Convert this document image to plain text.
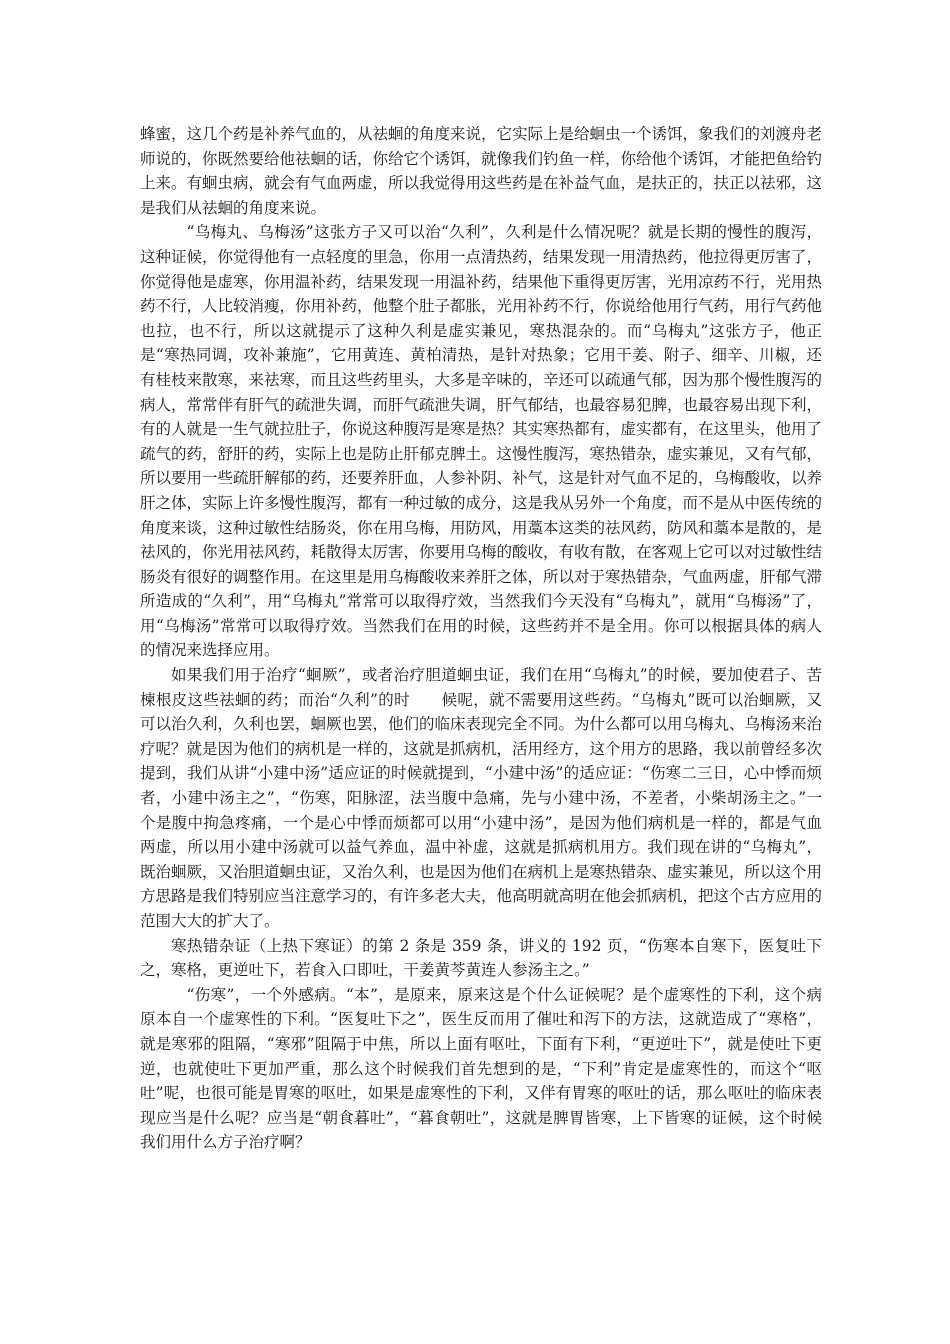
蜂蜜，这几个药是补养气血的，从祛蛔的角度来说，它实际上是给蛔虫一个诱饵，象我们的刘渡舟老师说的，你既然要给他祛蛔的话，你给它个诱饵，就像我们钓鱼一样，你给他个诱饵，才能把鱼给钓上来。有蛔虫病，就会有气血两虚，所以我觉得用这些药是在补益气血，是扶正的，扶正以祛邪，这是我们从祛蛔的角度来说。

“乌梅丸、乌梅汤”这张方子又可以治“久利”，久利是什么情况呢？就是长期的慢性的腹泻，这种证候，你觉得他有一点轻度的里急，你用一点清热药，结果发现一用清热药，他拉得更厉害了，你觉得他是虚寒，你用温补药，结果发现一用温补药，结果他下重得更厉害，光用凉药不行，光用热药不行，人比较消瘦，你用补药，他整个肚子都胀，光用补药不行，你说给他用行气药，用行气药他也拉，也不行，所以这就提示了这种久利是虚实兼见，寒热混杂的。而“乌梅丸”这张方子，他正是“寒热同调，攻补兼施”，它用黄连、黄柏清热，是针对热象；它用干姜、附子、细辛、川椒，还有桂枝来散寒，来祛寒，而且这些药里头，大多是辛味的，辛还可以疏通气郁，因为那个慢性腹泻的病人，常常伴有肝气的疏泄失调，而肝气疏泄失调，肝气郁结，也最容易犯脾，也最容易出现下利，有的人就是一生气就拉肚子，你说这种腹泻是寒是热？其实寒热都有，虚实都有，在这里头，他用了疏气的药，舒肝的药，实际上也是防止肝郁克脾土。这慢性腹泻，寒热错杂，虚实兼见，又有气郁，所以要用一些疏肝解郁的药，还要养肝血，人参补阴、补气，这是针对气血不足的，乌梅酸收，以养肝之体，实际上许多慢性腹泻，都有一种过敏的成分，这是我从另外一个角度，而不是从中医传统的角度来谈，这种过敏性结肠炎，你在用乌梅，用防风，用藁本这类的祛风药，防风和藁本是散的，是祛风的，你光用祛风药，耗散得太厉害，你要用乌梅的酸收，有收有散，在客观上它可以对过敏性结肠炎有很好的调整作用。在这里是用乌梅酸收来养肝之体，所以对于寒热错杂，气血两虚，肝郁气滞所造成的“久利”，用“乌梅丸”常常可以取得疗效，当然我们今天没有“乌梅丸”，就用“乌梅汤”了，用“乌梅汤”常常可以取得疗效。当然我们在用的时候，这些药并不是全用。你可以根据具体的病人的情况来选择应用。

如果我们用于治疗“蛔厥”，或者治疗胆道蛔虫证，我们在用“乌梅丸”的时候，要加使君子、苦楝根皮这些祛蛔的药；而治“久利”的时　　候呢，就不需要用这些药。“乌梅丸”既可以治蛔厥，又可以治久利，久利也罢，蛔厥也罢，他们的临床表现完全不同。为什么都可以用乌梅丸、乌梅汤来治疗呢？就是因为他们的病机是一样的，这就是抓病机，活用经方，这个用方的思路，我以前曾经多次提到，我们从讲“小建中汤”适应证的时候就提到，“小建中汤”的适应证：“伤寒二三日，心中悸而烦者，小建中汤主之”，“伤寒，阳脉涩，法当腹中急痛，先与小建中汤，不差者，小柴胡汤主之。”一个是腹中拘急疼痛，一个是心中悸而烦都可以用“小建中汤”，是因为他们病机是一样的，都是气血两虚，所以用小建中汤就可以益气养血，温中补虚，这就是抓病机用方。我们现在讲的“乌梅丸”，既治蛔厥，又治胆道蛔虫证，又治久利，也是因为他们在病机上是寒热错杂、虚实兼见，所以这个用方思路是我们特别应当注意学习的，有许多老大夫，他高明就高明在他会抓病机，把这个古方应用的范围大大的扩大了。

寒热错杂证（上热下寒证）的第 2 条是 359 条，讲义的 192 页，“伤寒本自寒下，医复吐下之，寒格，更逆吐下，若食入口即吐，干姜黄芩黄连人参汤主之。”

“伤寒”，一个外感病。“本”，是原来，原来这是个什么证候呢？是个虚寒性的下利，这个病原本自一个虚寒性的下利。“医复吐下之”，医生反而用了催吐和泻下的方法，这就造成了“寒格”，就是寒邪的阻隔，“寒邪”阻隔于中焦，所以上面有呕吐，下面有下利，“更逆吐下”，就是使吐下更逆，也就使吐下更加严重，那么这个时候我们首先想到的是，“下利”肯定是虚寒性的，而这个“呕吐”呢，也很可能是胃寒的呕吐，如果是虚寒性的下利，又伴有胃寒的呕吐的话，那么呕吐的临床表现应当是什么呢？应当是“朝食暮吐”，“暮食朝吐”，这就是脾胃皆寒，上下皆寒的证候，这个时候我们用什么方子治疗啊？
